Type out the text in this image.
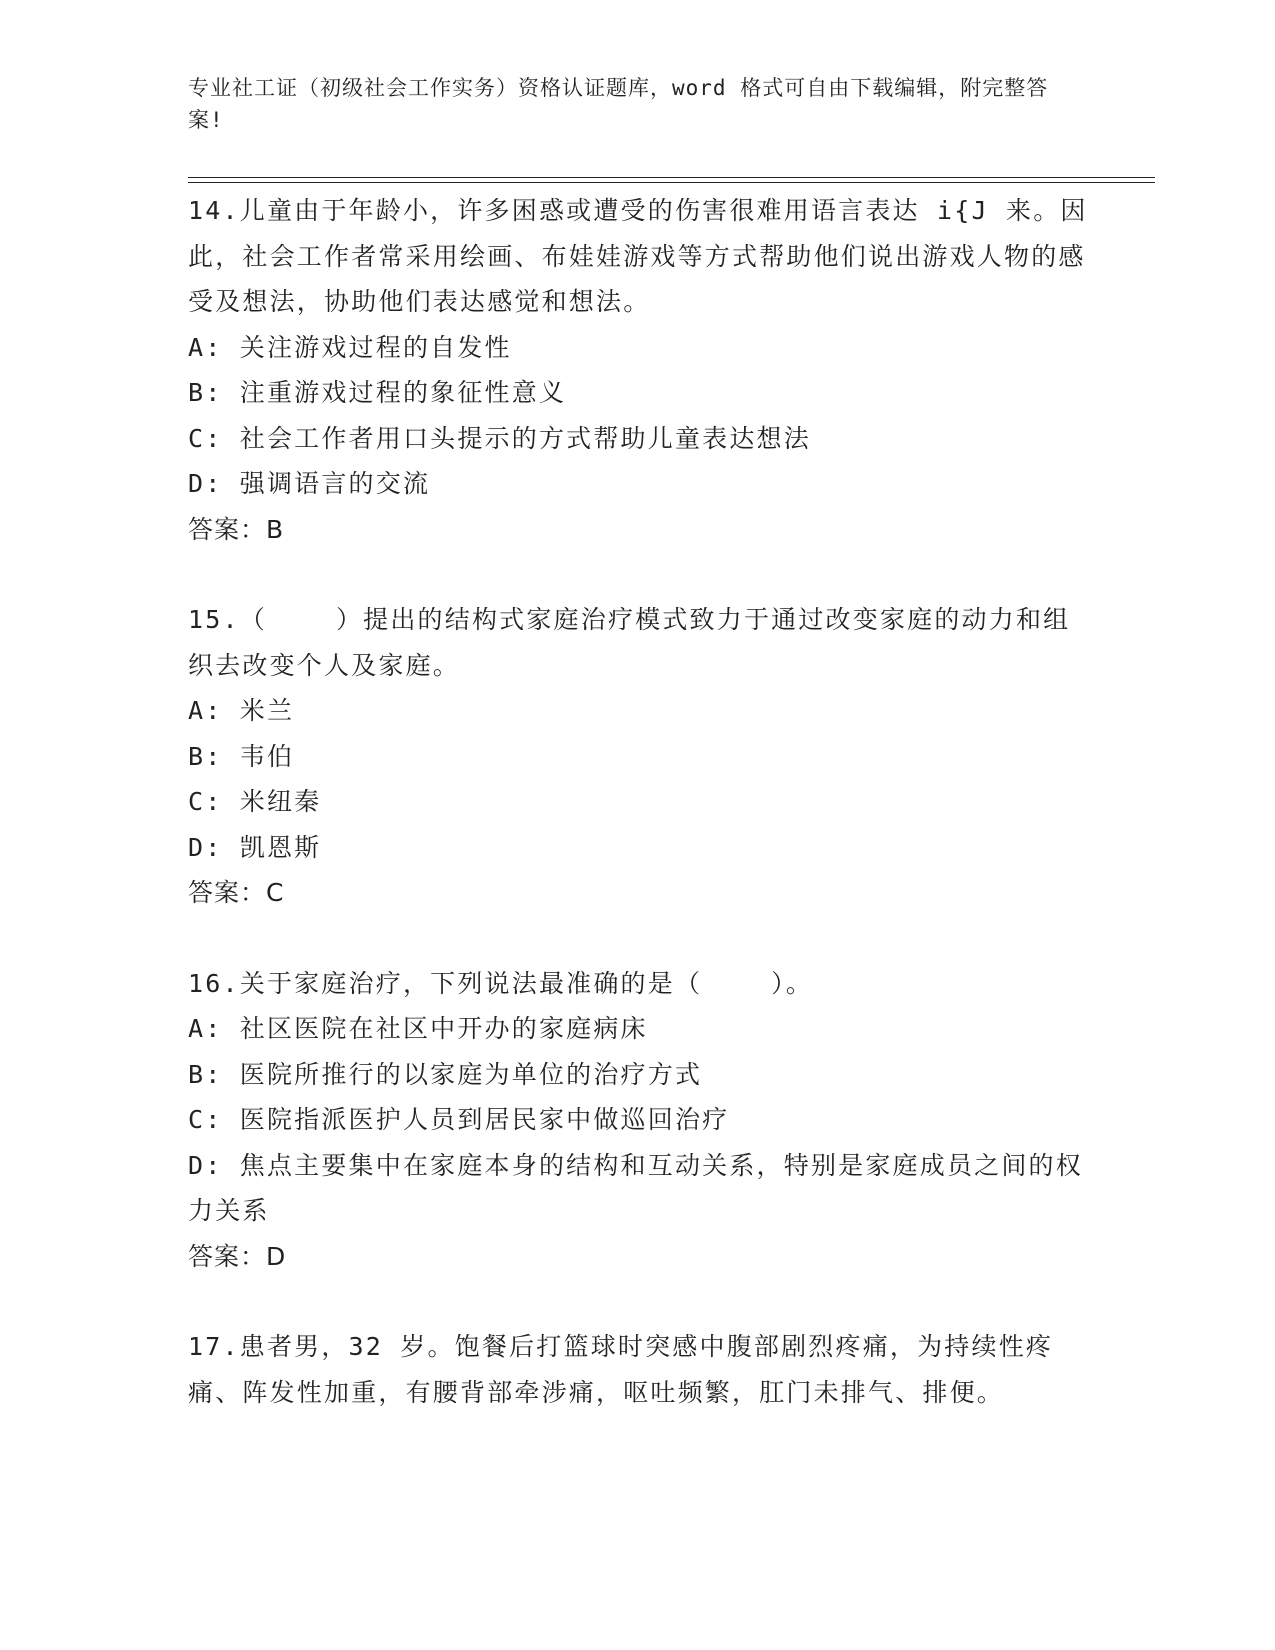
专业社工证（初级社会工作实务）资格认证题库，word 格式可自由下载编辑，附完整答案!

14.儿童由于年龄小，许多困惑或遭受的伤害很难用语言表达 i{J 来。因此，社会工作者常采用绘画、布娃娃游戏等方式帮助他们说出游戏人物的感受及想法，协助他们表达感觉和想法。

A: 关注游戏过程的自发性

B: 注重游戏过程的象征性意义

C: 社会工作者用口头提示的方式帮助儿童表达想法

D: 强调语言的交流

答案：B

15.（    ）提出的结构式家庭治疗模式致力于通过改变家庭的动力和组织去改变个人及家庭。

A: 米兰

B: 韦伯

C: 米纽秦

D: 凯恩斯

答案：C

16.关于家庭治疗，下列说法最准确的是（    ）。

A: 社区医院在社区中开办的家庭病床

B: 医院所推行的以家庭为单位的治疗方式

C: 医院指派医护人员到居民家中做巡回治疗

D: 焦点主要集中在家庭本身的结构和互动关系，特别是家庭成员之间的权力关系

答案：D

17.患者男，32 岁。饱餐后打篮球时突感中腹部剧烈疼痛，为持续性疼痛、阵发性加重，有腰背部牵涉痛，呕吐频繁，肛门未排气、排便。
